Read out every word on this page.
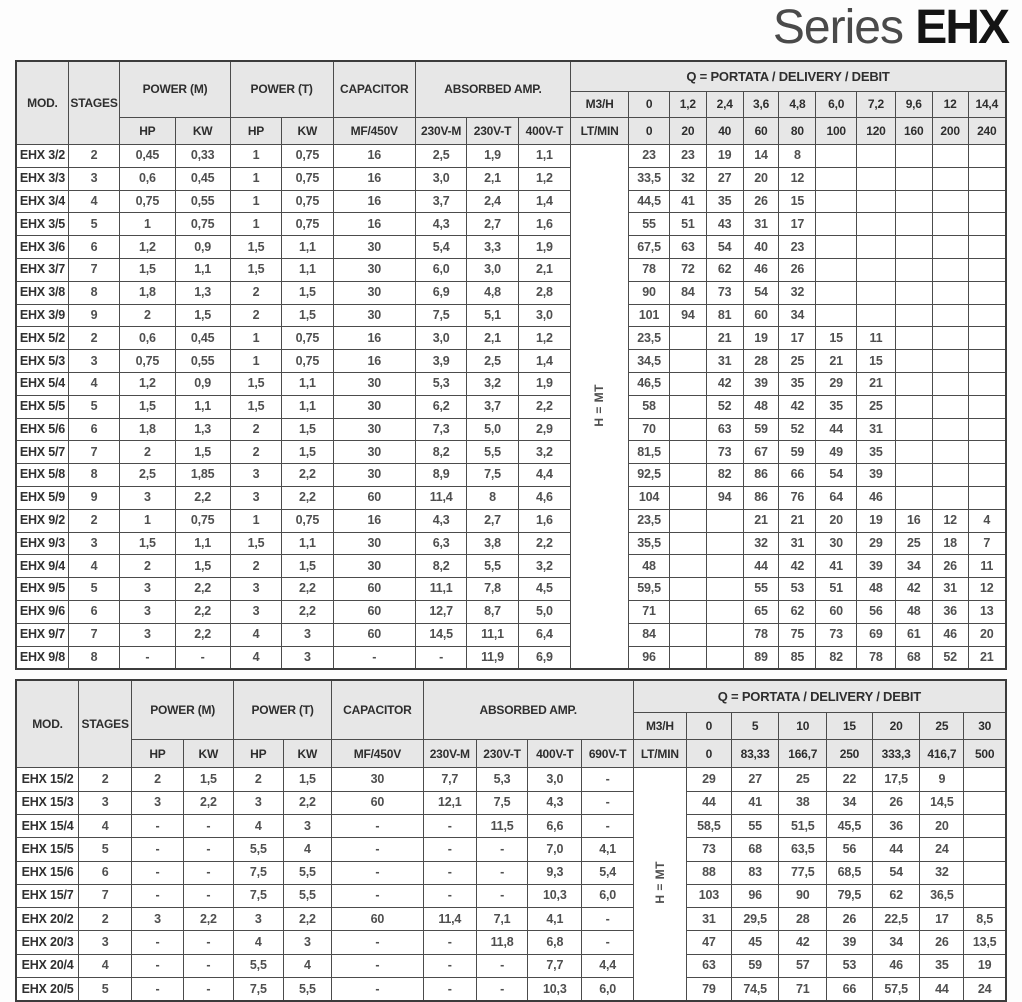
Series EHX
MOD.	STAGES	POWER (M)		POWER (T)		CAPACITOR	ABSORBED AMP.			Q = PORTATA / DELIVERY / DEBIT										
										M3/H	0	1,2	2,4	3,6	4,8	6,0	7,2	9,6	12	14,4
		HP	KW	HP	KW	MF/450V	230V-M	230V-T	400V-T	LT/MIN	0	20	40	60	80	100	120	160	200	240
EHX 3/2	2	0,45	0,33	1	0,75	16	2,5	1,9	1,1	H = MT	23	23	19	14	8					
EHX 3/3	3	0,6	0,45	1	0,75	16	3,0	2,1	1,2		33,5	32	27	20	12					
EHX 3/4	4	0,75	0,55	1	0,75	16	3,7	2,4	1,4		44,5	41	35	26	15					
EHX 3/5	5	1	0,75	1	0,75	16	4,3	2,7	1,6		55	51	43	31	17					
EHX 3/6	6	1,2	0,9	1,5	1,1	30	5,4	3,3	1,9		67,5	63	54	40	23					
EHX 3/7	7	1,5	1,1	1,5	1,1	30	6,0	3,0	2,1		78	72	62	46	26					
EHX 3/8	8	1,8	1,3	2	1,5	30	6,9	4,8	2,8		90	84	73	54	32					
EHX 3/9	9	2	1,5	2	1,5	30	7,5	5,1	3,0		101	94	81	60	34					
EHX 5/2	2	0,6	0,45	1	0,75	16	3,0	2,1	1,2		23,5		21	19	17	15	11			
EHX 5/3	3	0,75	0,55	1	0,75	16	3,9	2,5	1,4		34,5		31	28	25	21	15			
EHX 5/4	4	1,2	0,9	1,5	1,1	30	5,3	3,2	1,9		46,5		42	39	35	29	21			
EHX 5/5	5	1,5	1,1	1,5	1,1	30	6,2	3,7	2,2		58		52	48	42	35	25			
EHX 5/6	6	1,8	1,3	2	1,5	30	7,3	5,0	2,9		70		63	59	52	44	31			
EHX 5/7	7	2	1,5	2	1,5	30	8,2	5,5	3,2		81,5		73	67	59	49	35			
EHX 5/8	8	2,5	1,85	3	2,2	30	8,9	7,5	4,4		92,5		82	86	66	54	39			
EHX 5/9	9	3	2,2	3	2,2	60	11,4	8	4,6		104		94	86	76	64	46			
EHX 9/2	2	1	0,75	1	0,75	16	4,3	2,7	1,6		23,5			21	21	20	19	16	12	4
EHX 9/3	3	1,5	1,1	1,5	1,1	30	6,3	3,8	2,2		35,5			32	31	30	29	25	18	7
EHX 9/4	4	2	1,5	2	1,5	30	8,2	5,5	3,2		48			44	42	41	39	34	26	11
EHX 9/5	5	3	2,2	3	2,2	60	11,1	7,8	4,5		59,5			55	53	51	48	42	31	12
EHX 9/6	6	3	2,2	3	2,2	60	12,7	8,7	5,0		71			65	62	60	56	48	36	13
EHX 9/7	7	3	2,2	4	3	60	14,5	11,1	6,4		84			78	75	73	69	61	46	20
EHX 9/8	8	-	-	4	3	-	-	11,9	6,9		96			89	85	82	78	68	52	21
MOD.	STAGES	POWER (M)		POWER (T)		CAPACITOR	ABSORBED AMP.				Q = PORTATA / DELIVERY / DEBIT							
											M3/H	0	5	10	15	20	25	30
		HP	KW	HP	KW	MF/450V	230V-M	230V-T	400V-T	690V-T	LT/MIN	0	83,33	166,7	250	333,3	416,7	500
EHX 15/2	2	2	1,5	2	1,5	30	7,7	5,3	3,0	-	H = MT	29	27	25	22	17,5	9	
EHX 15/3	3	3	2,2	3	2,2	60	12,1	7,5	4,3	-		44	41	38	34	26	14,5	
EHX 15/4	4	-	-	4	3	-	-	11,5	6,6	-		58,5	55	51,5	45,5	36	20	
EHX 15/5	5	-	-	5,5	4	-	-	-	7,0	4,1		73	68	63,5	56	44	24	
EHX 15/6	6	-	-	7,5	5,5	-	-	-	9,3	5,4		88	83	77,5	68,5	54	32	
EHX 15/7	7	-	-	7,5	5,5	-	-	-	10,3	6,0		103	96	90	79,5	62	36,5	
EHX 20/2	2	3	2,2	3	2,2	60	11,4	7,1	4,1	-		31	29,5	28	26	22,5	17	8,5
EHX 20/3	3	-	-	4	3	-	-	11,8	6,8	-		47	45	42	39	34	26	13,5
EHX 20/4	4	-	-	5,5	4	-	-	-	7,7	4,4		63	59	57	53	46	35	19
EHX 20/5	5	-	-	7,5	5,5	-	-	-	10,3	6,0		79	74,5	71	66	57,5	44	24
